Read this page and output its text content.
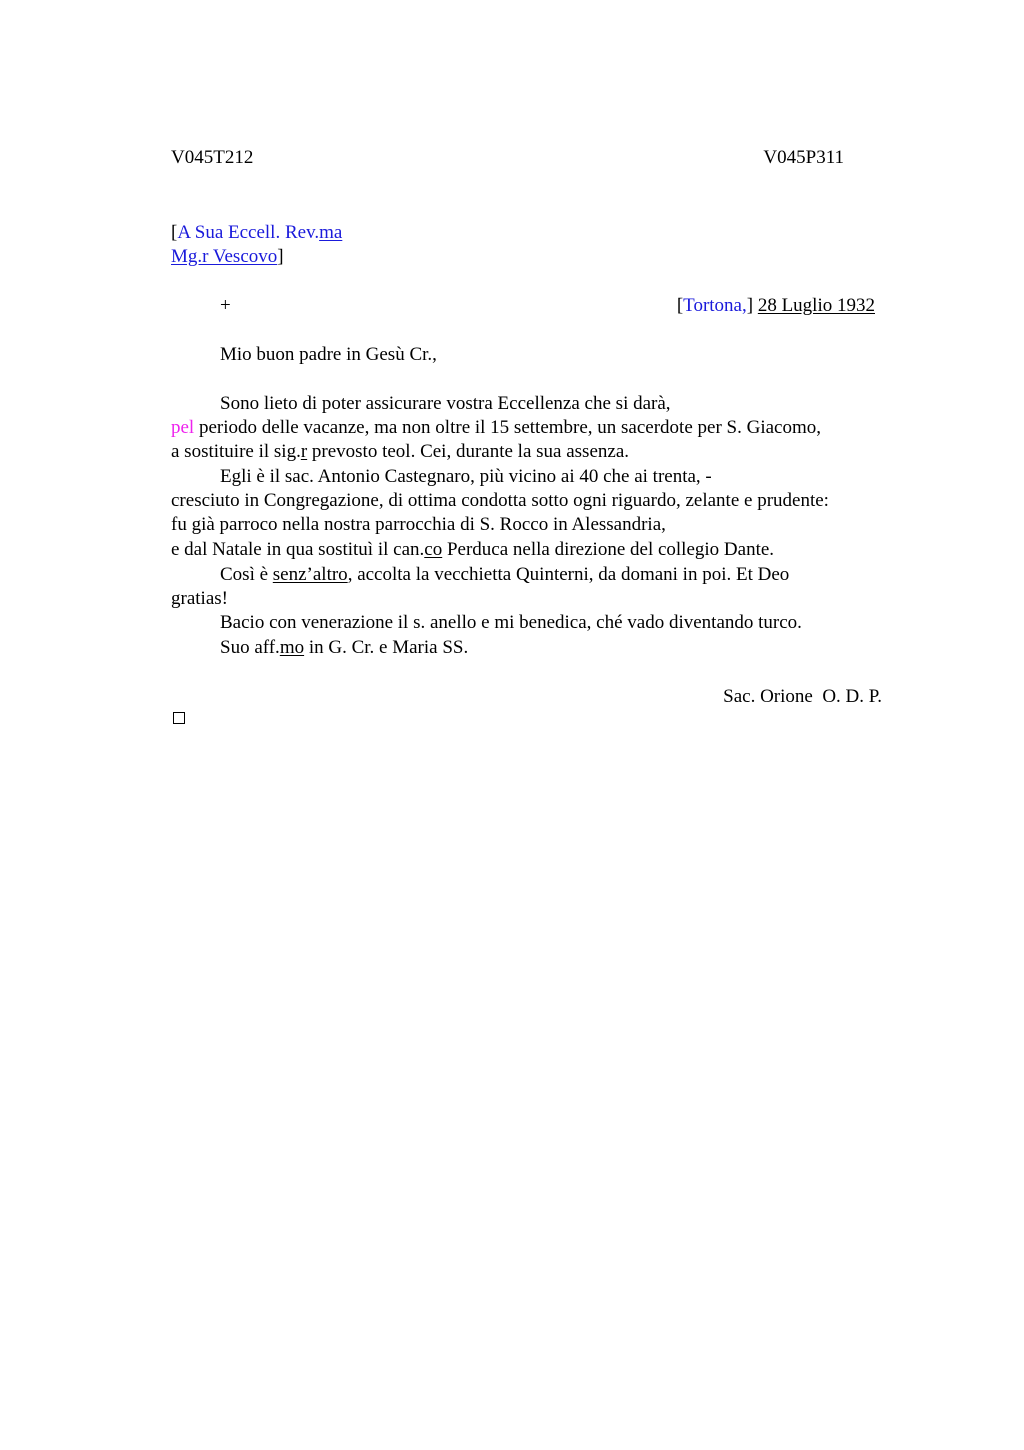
V045T212	V045P311
[A Sua Eccell. Rev.ma
Mg.r Vescovo]
+	[Tortona,] 28 Luglio 1932
Mio buon padre in Gesù Cr.,
Sono lieto di poter assicurare vostra Eccellenza che si darà,
pel periodo delle vacanze, ma non oltre il 15 settembre, un sacerdote per S. Giacomo,
a sostituire il sig.r prevosto teol. Cei, durante la sua assenza.
Egli è il sac. Antonio Castegnaro, più vicino ai 40 che ai trenta, -
cresciuto in Congregazione, di ottima condotta sotto ogni riguardo, zelante e prudente:
fu già parroco nella nostra parrocchia di S. Rocco in Alessandria,
e dal Natale in qua sostituì il can.co Perduca nella direzione del collegio Dante.
Così è senz’altro, accolta la vecchietta Quinterni, da domani in poi. Et Deo
gratias!
Bacio con venerazione il s. anello e mi benedica, ché vado diventando turco.
Suo aff.mo in G. Cr. e Maria SS.
Sac. Orione  O. D. P.
